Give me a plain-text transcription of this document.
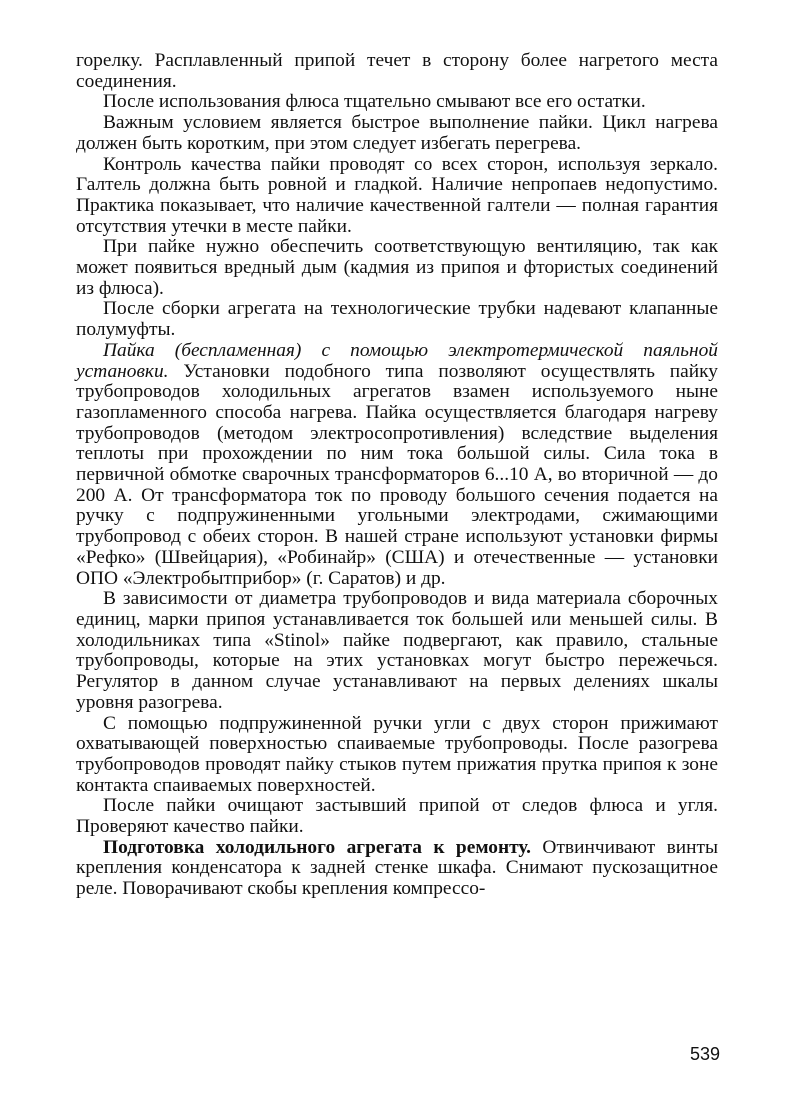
горелку. Расплавленный припой течет в сторону более нагретого места соединения.

После использования флюса тщательно смывают все его остатки.

Важным условием является быстрое выполнение пайки. Цикл нагрева должен быть коротким, при этом следует избегать перегрева.

Контроль качества пайки проводят со всех сторон, используя зеркало. Галтель должна быть ровной и гладкой. Наличие непропаев недопустимо. Практика показывает, что наличие качественной галтели — полная гарантия отсутствия утечки в месте пайки.

При пайке нужно обеспечить соответствующую вентиляцию, так как может появиться вредный дым (кадмия из припоя и фтористых соединений из флюса).

После сборки агрегата на технологические трубки надевают клапанные полумуфты.

Пайка (беспламенная) с помощью электротермической паяльной установки. Установки подобного типа позволяют осуществлять пайку трубопроводов холодильных агрегатов взамен используемого ныне газопламенного способа нагрева. Пайка осуществляется благодаря нагреву трубопроводов (методом электросопротивления) вследствие выделения теплоты при прохождении по ним тока большой силы. Сила тока в первичной обмотке сварочных трансформаторов 6...10 А, во вторичной — до 200 А. От трансформатора ток по проводу большого сечения подается на ручку с подпружиненными угольными электродами, сжимающими трубопровод с обеих сторон. В нашей стране используют установки фирмы «Рефко» (Швейцария), «Робинайр» (США) и отечественные — установки ОПО «Электробытприбор» (г. Саратов) и др.

В зависимости от диаметра трубопроводов и вида материала сборочных единиц, марки припоя устанавливается ток большей или меньшей силы. В холодильниках типа «Stinol» пайке подвергают, как правило, стальные трубопроводы, которые на этих установках могут быстро пережечься. Регулятор в данном случае устанавливают на первых делениях шкалы уровня разогрева.

С помощью подпружиненной ручки угли с двух сторон прижимают охватывающей поверхностью спаиваемые трубопроводы. После разогрева трубопроводов проводят пайку стыков путем прижатия прутка припоя к зоне контакта спаиваемых поверхностей.

После пайки очищают застывший припой от следов флюса и угля. Проверяют качество пайки.

Подготовка холодильного агрегата к ремонту. Отвинчивают винты крепления конденсатора к задней стенке шкафа. Снимают пускозащитное реле. Поворачивают скобы крепления компрессо-

539
